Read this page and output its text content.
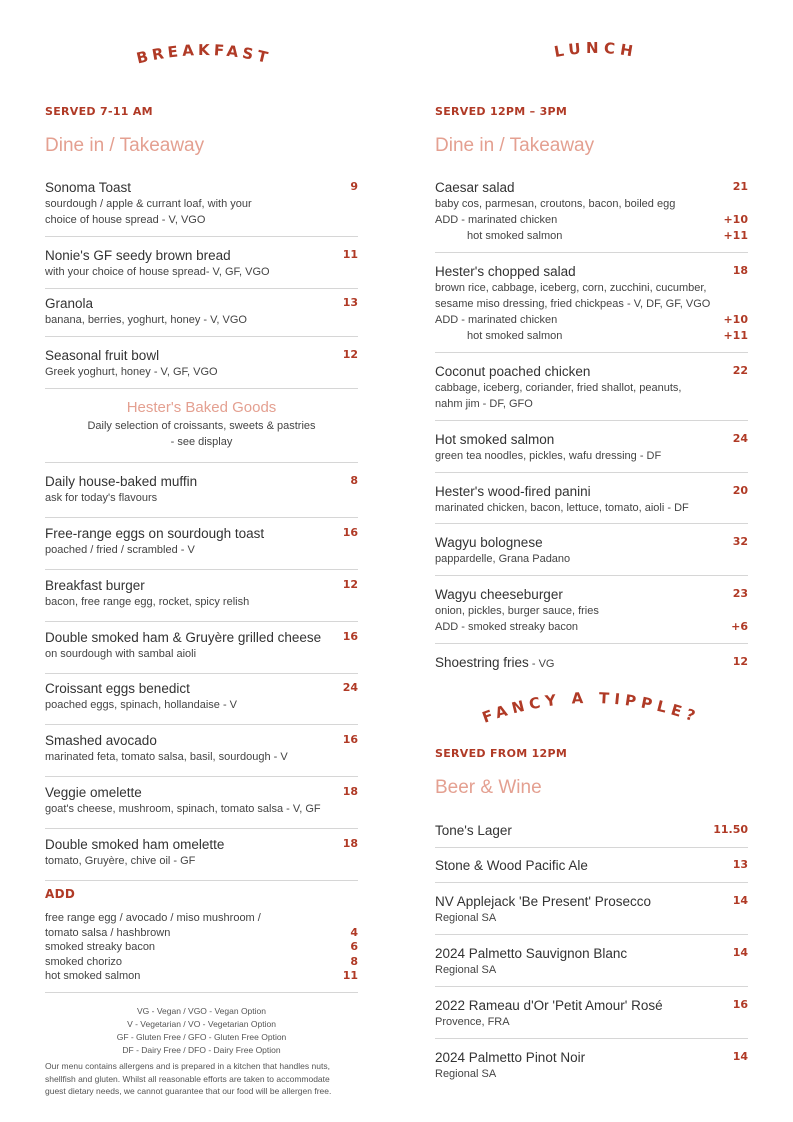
BREAKFAST	LUNCH
FANCY A TIPPLE?
SERVED 7-11 AM
Dine in / Takeaway
Sonoma Toast
sourdough / apple & currant loaf, with your
choice of house spread - V, VGO
9
Nonie's GF seedy brown bread
with your choice of house spread- V, GF, VGO
11
Granola
banana, berries, yoghurt, honey - V, VGO
13
Seasonal fruit bowl
Greek yoghurt, honey - V, GF, VGO
12
Hester's Baked Goods
Daily selection of croissants, sweets & pastries
- see display
Daily house-baked muffin
ask for today's flavours
8
Free-range eggs on sourdough toast
poached / fried / scrambled - V
16
Breakfast burger
bacon, free range egg, rocket, spicy relish
12
Double smoked ham & Gruyère grilled cheese
on sourdough with sambal aioli
16
Croissant eggs benedict
poached eggs, spinach, hollandaise - V
24
Smashed avocado
marinated feta, tomato salsa, basil, sourdough - V
16
Veggie omelette
goat's cheese, mushroom, spinach, tomato salsa - V, GF
18
Double smoked ham omelette
tomato, Gruyère, chive oil - GF
18
ADD
free range egg / avocado / miso mushroom /
tomato salsa / hashbrown	4
smoked streaky bacon	6
smoked chorizo	8
hot smoked salmon	11
VG - Vegan / VGO - Vegan Option
V - Vegetarian / VO - Vegetarian Option
GF - Gluten Free / GFO - Gluten Free Option
DF - Dairy Free / DFO - Dairy Free Option
Our menu contains allergens and is prepared in a kitchen that handles nuts,
shellfish and gluten. Whilst all reasonable efforts are taken to accommodate
guest dietary needs, we cannot guarantee that our food will be allergen free.
SERVED 12PM – 3PM
Dine in / Takeaway
Caesar salad
baby cos, parmesan, croutons, bacon, boiled egg
ADD - marinated chicken	+10
hot smoked salmon	+11
21
Hester's chopped salad
brown rice, cabbage, iceberg, corn, zucchini, cucumber,
sesame miso dressing, fried chickpeas - V, DF, GF, VGO
ADD - marinated chicken	+10
hot smoked salmon	+11
18
Coconut poached chicken
cabbage, iceberg, coriander, fried shallot, peanuts,
nahm jim - DF, GFO
22
Hot smoked salmon
green tea noodles, pickles, wafu dressing - DF
24
Hester's wood-fired panini
marinated chicken, bacon, lettuce, tomato, aioli - DF
20
Wagyu bolognese
pappardelle, Grana Padano
32
Wagyu cheeseburger
onion, pickles, burger sauce, fries
ADD - smoked streaky bacon	+6
23
Shoestring fries - VG	12
SERVED FROM 12PM
Beer & Wine
Tone's Lager	11.50
Stone & Wood Pacific Ale	13
NV Applejack 'Be Present' Prosecco
Regional SA
14
2024 Palmetto Sauvignon Blanc
Regional SA
14
2022 Rameau d'Or 'Petit Amour' Rosé
Provence, FRA
16
2024 Palmetto Pinot Noir
Regional SA
14
